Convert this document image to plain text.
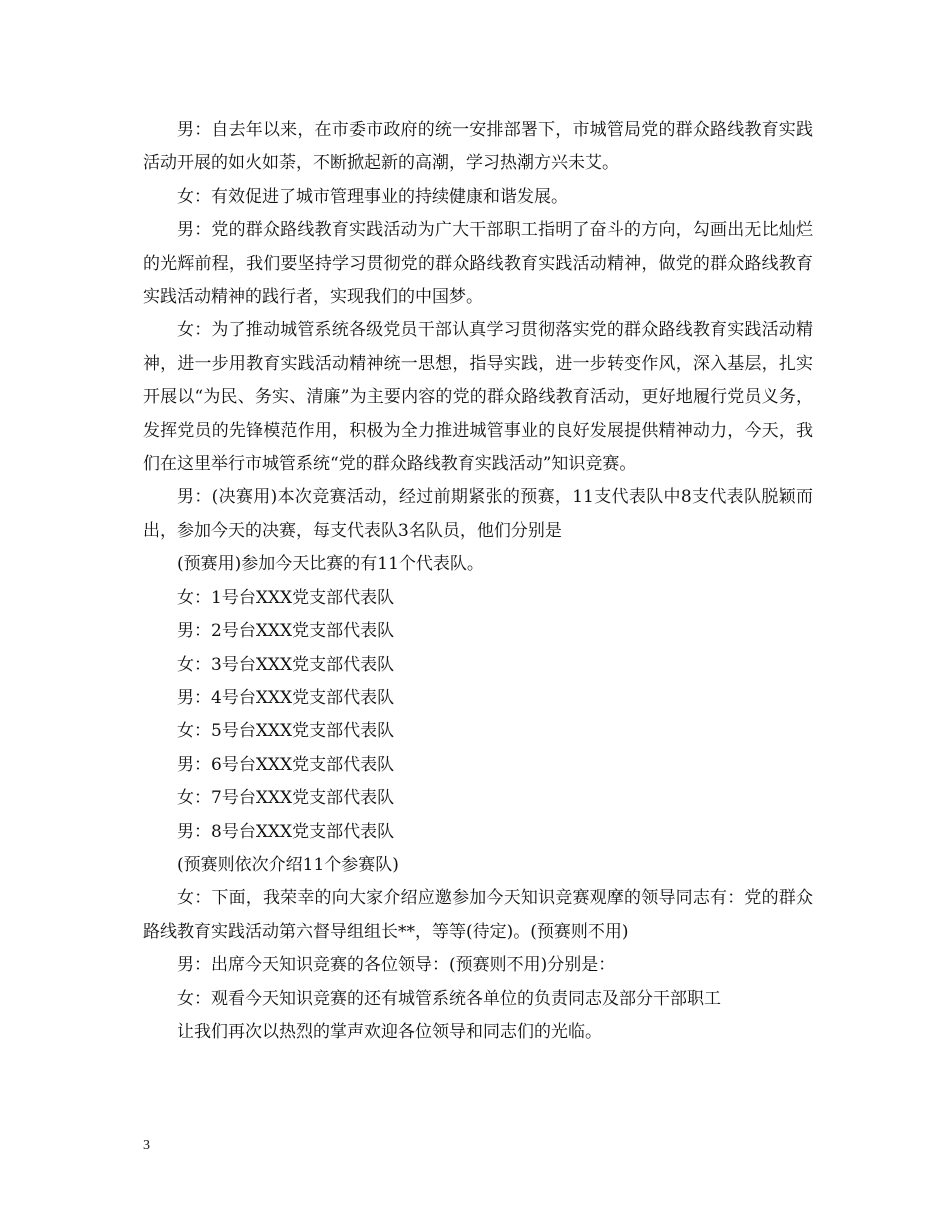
男：自去年以来，在市委市政府的统一安排部署下，市城管局党的群众路线教育实践活动开展的如火如荼，不断掀起新的高潮，学习热潮方兴未艾。

女：有效促进了城市管理事业的持续健康和谐发展。

男：党的群众路线教育实践活动为广大干部职工指明了奋斗的方向，勾画出无比灿烂的光辉前程，我们要坚持学习贯彻党的群众路线教育实践活动精神，做党的群众路线教育实践活动精神的践行者，实现我们的中国梦。

女：为了推动城管系统各级党员干部认真学习贯彻落实党的群众路线教育实践活动精神，进一步用教育实践活动精神统一思想，指导实践，进一步转变作风，深入基层，扎实开展以“为民、务实、清廉”为主要内容的党的群众路线教育活动，更好地履行党员义务，发挥党员的先锋模范作用，积极为全力推进城管事业的良好发展提供精神动力，今天，我们在这里举行市城管系统“党的群众路线教育实践活动”知识竞赛。

男：(决赛用)本次竞赛活动，经过前期紧张的预赛，11支代表队中8支代表队脱颖而出，参加今天的决赛，每支代表队3名队员，他们分别是

(预赛用)参加今天比赛的有11个代表队。

女：1号台XXX党支部代表队

男：2号台XXX党支部代表队

女：3号台XXX党支部代表队

男：4号台XXX党支部代表队

女：5号台XXX党支部代表队

男：6号台XXX党支部代表队

女：7号台XXX党支部代表队

男：8号台XXX党支部代表队

(预赛则依次介绍11个参赛队)

女：下面，我荣幸的向大家介绍应邀参加今天知识竞赛观摩的领导同志有：党的群众路线教育实践活动第六督导组组长**，等等(待定)。(预赛则不用)

男：出席今天知识竞赛的各位领导：(预赛则不用)分别是：

女：观看今天知识竞赛的还有城管系统各单位的负责同志及部分干部职工

让我们再次以热烈的掌声欢迎各位领导和同志们的光临。

3
